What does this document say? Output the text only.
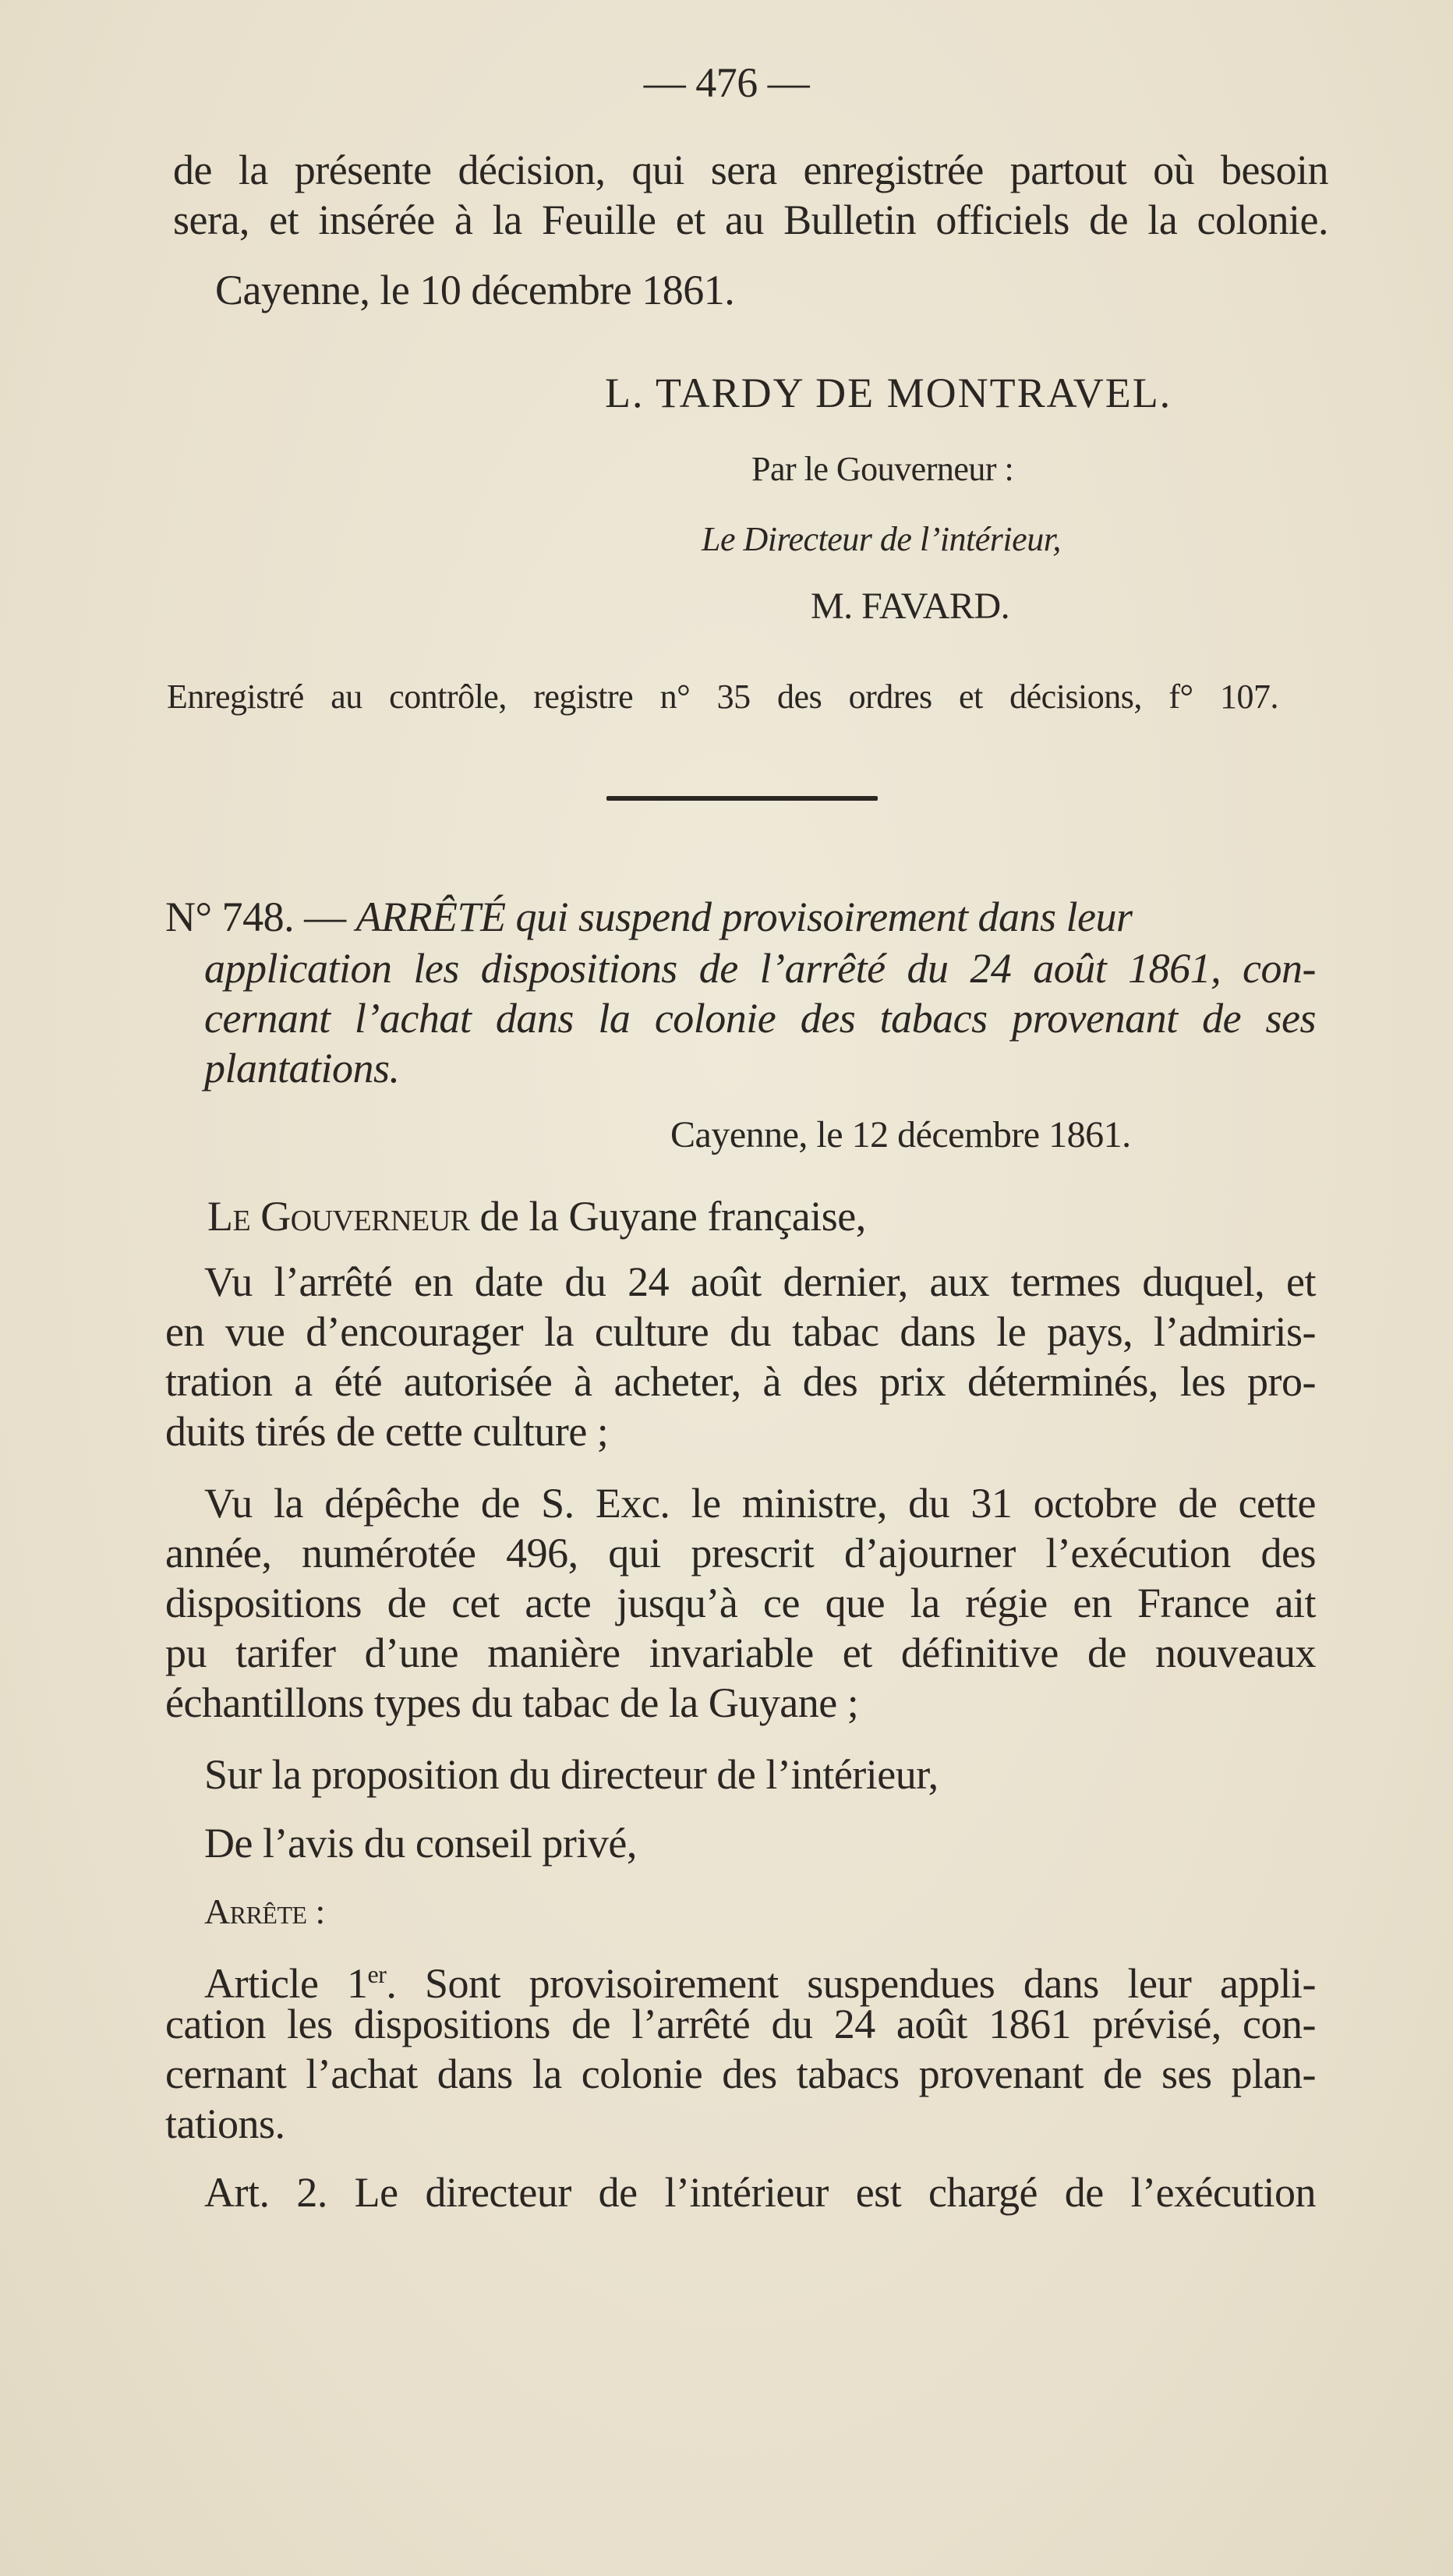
— 476 —
de la présente décision, qui sera enregistrée partout où besoin
sera, et insérée à la Feuille et au Bulletin officiels de la colonie.
Cayenne, le 10 décembre 1861.
L. TARDY DE MONTRAVEL.
Par le Gouverneur :
Le Directeur de l’intérieur,
M. FAVARD.
Enregistré au contrôle, registre n° 35 des ordres et décisions, f° 107.
N° 748. — ARRÊTÉ qui suspend provisoirement dans leur
application les dispositions de l’arrêté du 24 août 1861, con-
cernant l’achat dans la colonie des tabacs provenant de ses
plantations.
Cayenne, le 12 décembre 1861.
Le Gouverneur de la Guyane française,
Vu l’arrêté en date du 24 août dernier, aux termes duquel, et
en vue d’encourager la culture du tabac dans le pays, l’admiris-
tration a été autorisée à acheter, à des prix déterminés, les pro-
duits tirés de cette culture ;
Vu la dépêche de S. Exc. le ministre, du 31 octobre de cette
année, numérotée 496, qui prescrit d’ajourner l’exécution des
dispositions de cet acte jusqu’à ce que la régie en France ait
pu tarifer d’une manière invariable et définitive de nouveaux
échantillons types du tabac de la Guyane ;
Sur la proposition du directeur de l’intérieur,
De l’avis du conseil privé,
Arrête :
Article 1er. Sont provisoirement suspendues dans leur appli-
cation les dispositions de l’arrêté du 24 août 1861 prévisé, con-
cernant l’achat dans la colonie des tabacs provenant de ses plan-
tations.
Art. 2. Le directeur de l’intérieur est chargé de l’exécution
